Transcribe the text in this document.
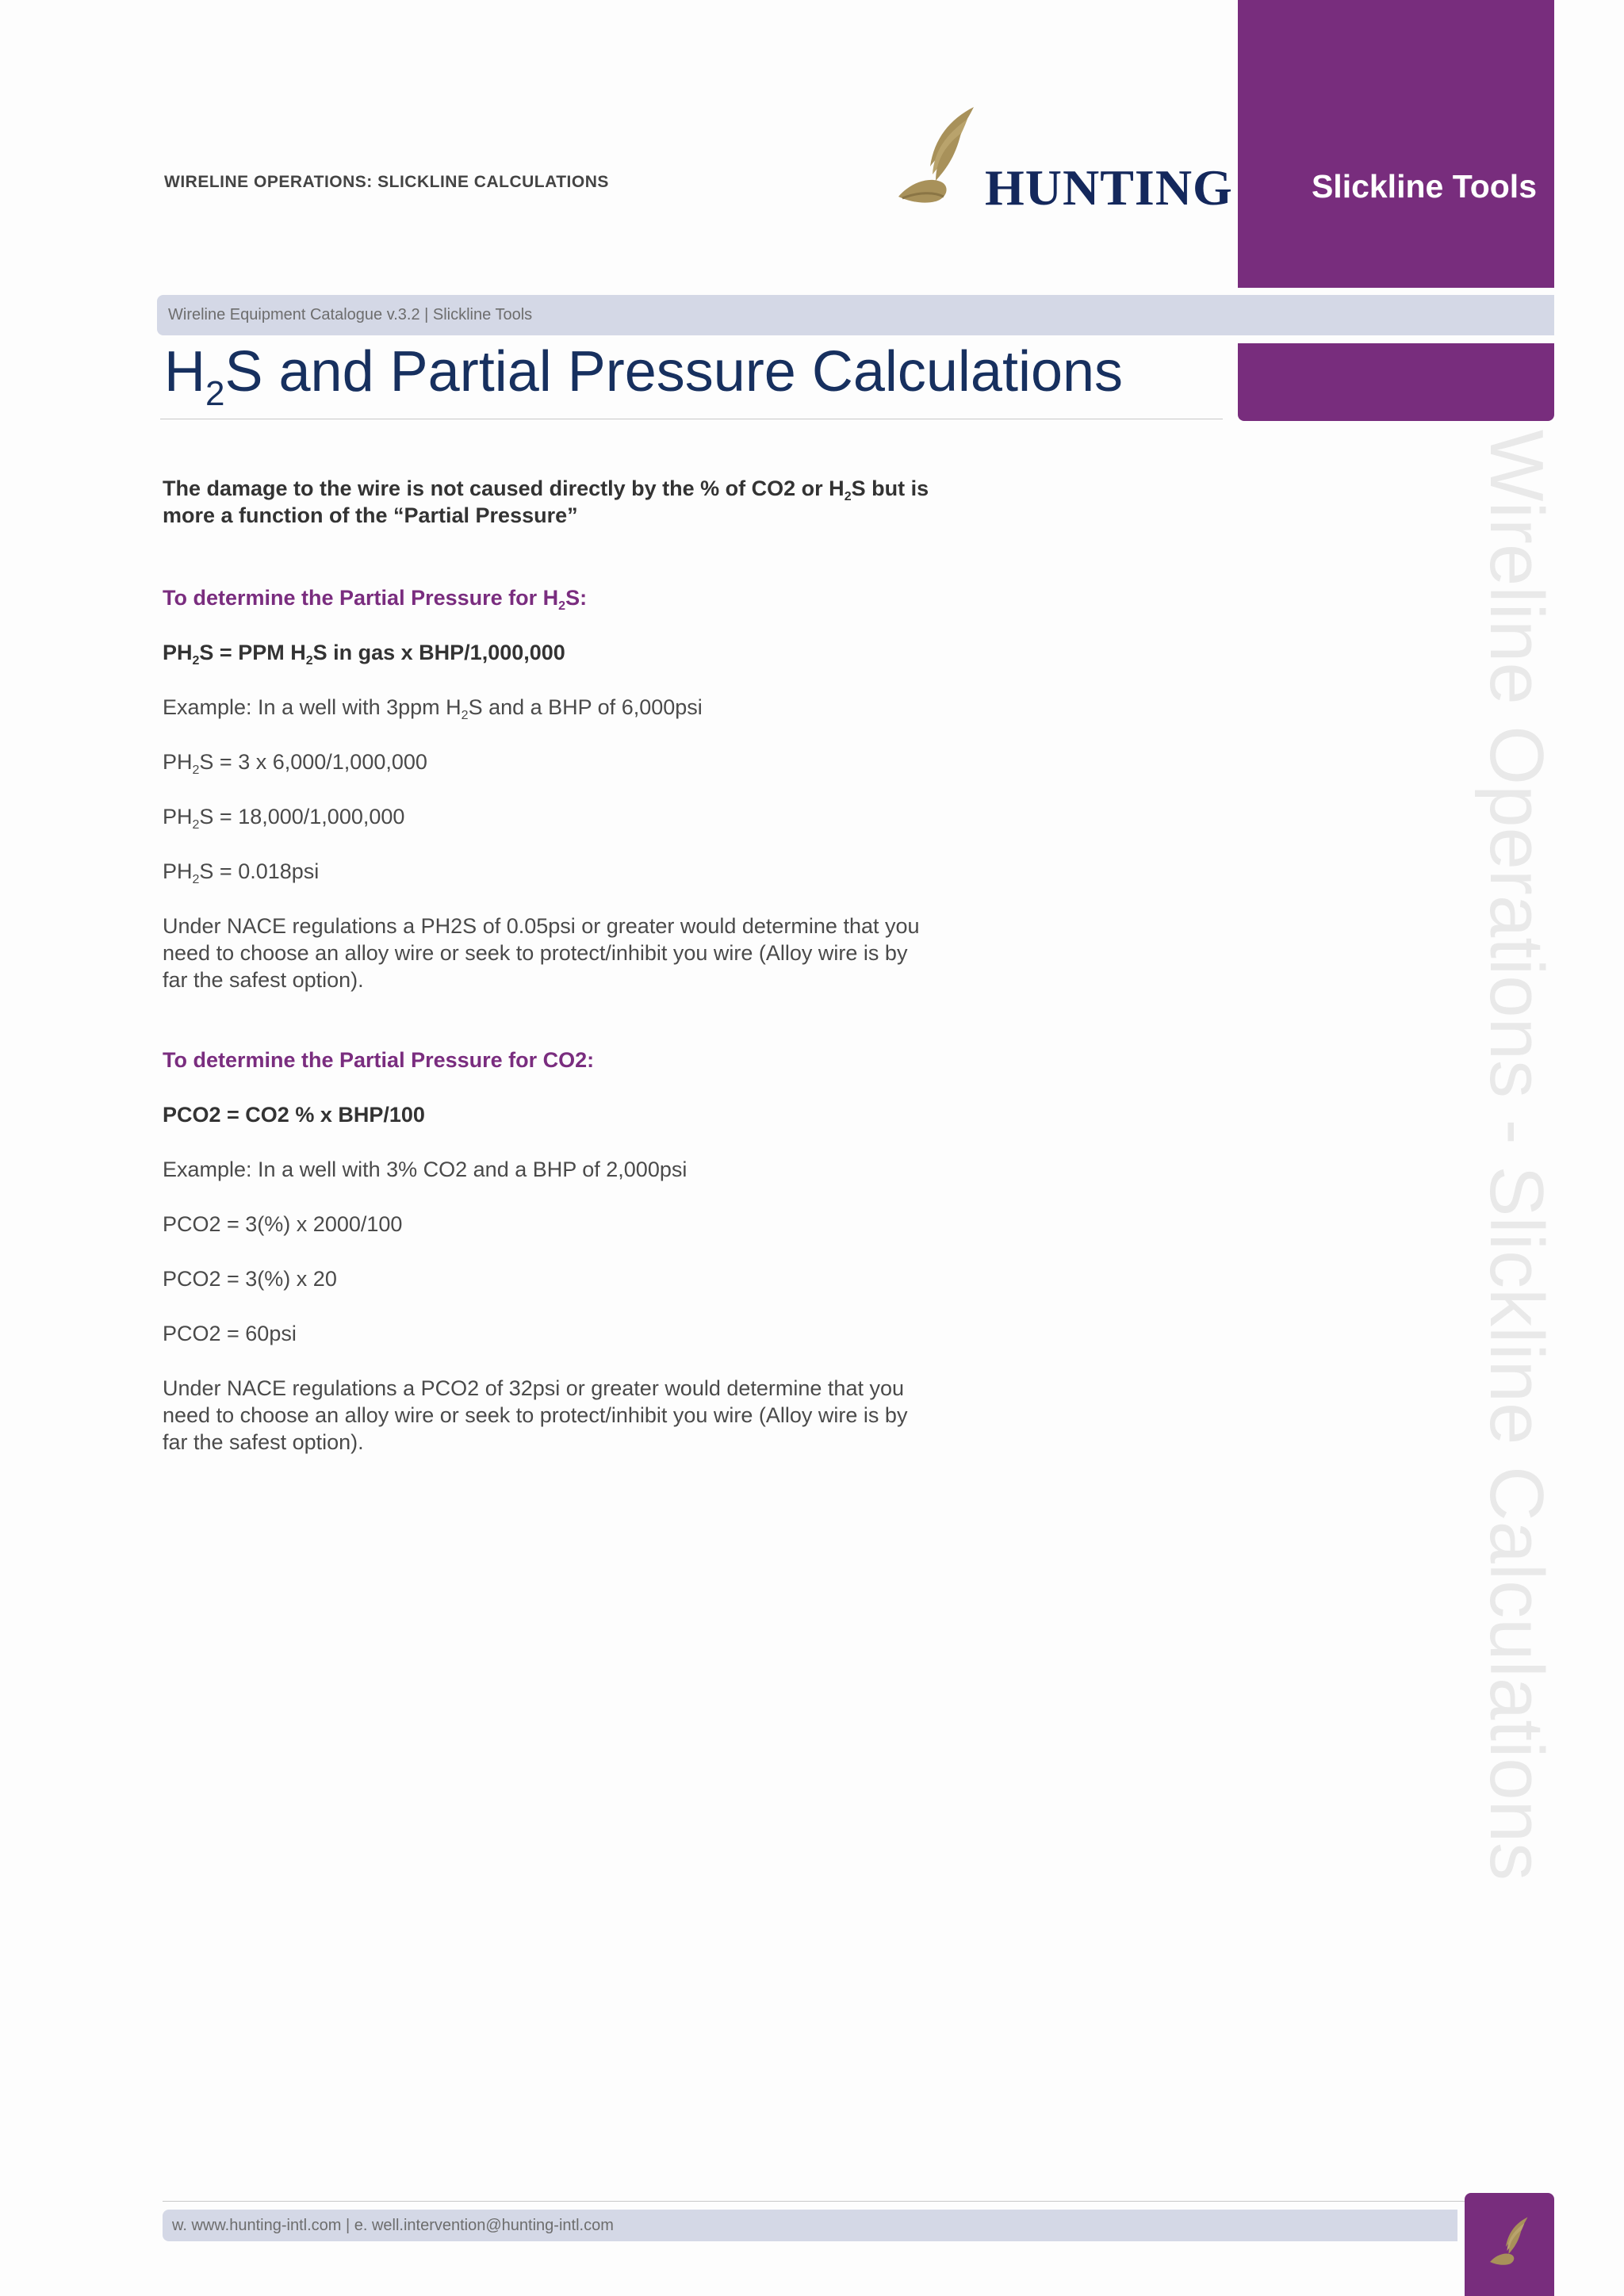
WIRELINE OPERATIONS: SLICKLINE CALCULATIONS	HUNTING Slickline Tools
Wireline Equipment Catalogue v.3.2 | Slickline Tools
$H_2S$ and Partial Pressure Calculations

The damage to the wire is not caused directly by the % of CO2 or $H_2S$ but is
more a function of the “Partial Pressure”

To determine the Partial Pressure for $H_2S$:

$PH_2S$ = PPM $H_2S$ in gas x BHP/1,000,000

Example: In a well with 3ppm $H_2S$ and a BHP of 6,000psi

$PH_2S = 3$ x 6,000/1,000,000

$PH_2S = 18,000/1,000,000$

$PH_2S = 0.018psi$

Under NACE regulations a PH2S of 0.05psi or greater would determine that you
need to choose an alloy wire or seek to protect/inhibit you wire (Alloy wire is by
far the safest option).

To determine the Partial Pressure for CO2:

PCO2 = CO2 % x BHP/100

Example: In a well with 3% CO2 and a BHP of 2,000psi

PCO2 = 3(%) x 2000/100

PCO2 = 3(%) x 20

PCO2 = 60psi

Under NACE regulations a PCO2 of 32psi or greater would determine that you
need to choose an alloy wire or seek to protect/inhibit you wire (Alloy wire is by
far the safest option).	Wireline Operations - Slickline Calculations
w. www.hunting-intl.com | e. well.intervention@hunting-intl.com
